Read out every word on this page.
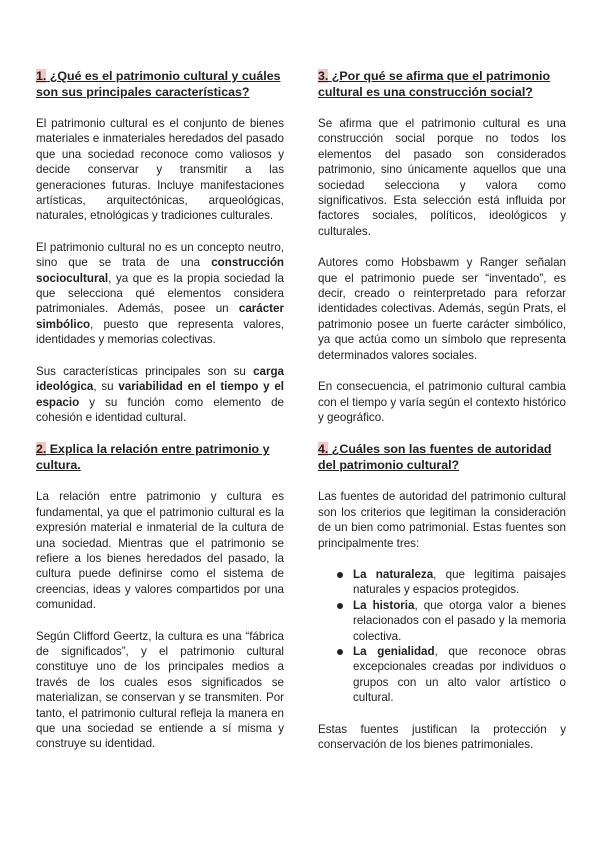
1. ¿Qué es el patrimonio cultural y cuáles son sus principales características?

El patrimonio cultural es el conjunto de bienes materiales e inmateriales heredados del pasado que una sociedad reconoce como valiosos y decide conservar y transmitir a las generaciones futuras. Incluye manifestaciones artísticas, arquitectónicas, arqueológicas, naturales, etnológicas y tradiciones culturales.

El patrimonio cultural no es un concepto neutro, sino que se trata de una construcción sociocultural, ya que es la propia sociedad la que selecciona qué elementos considera patrimoniales. Además, posee un carácter simbólico, puesto que representa valores, identidades y memorias colectivas.

Sus características principales son su carga ideológica, su variabilidad en el tiempo y el espacio y su función como elemento de cohesión e identidad cultural.

2. Explica la relación entre patrimonio y cultura.

La relación entre patrimonio y cultura es fundamental, ya que el patrimonio cultural es la expresión material e inmaterial de la cultura de una sociedad. Mientras que el patrimonio se refiere a los bienes heredados del pasado, la cultura puede definirse como el sistema de creencias, ideas y valores compartidos por una comunidad.

Según Clifford Geertz, la cultura es una “fábrica de significados”, y el patrimonio cultural constituye uno de los principales medios a través de los cuales esos significados se materializan, se conservan y se transmiten. Por tanto, el patrimonio cultural refleja la manera en que una sociedad se entiende a sí misma y construye su identidad.

3. ¿Por qué se afirma que el patrimonio cultural es una construcción social?

Se afirma que el patrimonio cultural es una construcción social porque no todos los elementos del pasado son considerados patrimonio, sino únicamente aquellos que una sociedad selecciona y valora como significativos. Esta selección está influida por factores sociales, políticos, ideológicos y culturales.

Autores como Hobsbawm y Ranger señalan que el patrimonio puede ser “inventado”, es decir, creado o reinterpretado para reforzar identidades colectivas. Además, según Prats, el patrimonio posee un fuerte carácter simbólico, ya que actúa como un símbolo que representa determinados valores sociales.

En consecuencia, el patrimonio cultural cambia con el tiempo y varía según el contexto histórico y geográfico.

4. ¿Cuáles son las fuentes de autoridad del patrimonio cultural?

Las fuentes de autoridad del patrimonio cultural son los criterios que legitiman la consideración de un bien como patrimonial. Estas fuentes son principalmente tres:

La naturaleza, que legitima paisajes naturales y espacios protegidos.
La historia, que otorga valor a bienes relacionados con el pasado y la memoria colectiva.
La genialidad, que reconoce obras excepcionales creadas por individuos o grupos con un alto valor artístico o cultural.

Estas fuentes justifican la protección y conservación de los bienes patrimoniales.
